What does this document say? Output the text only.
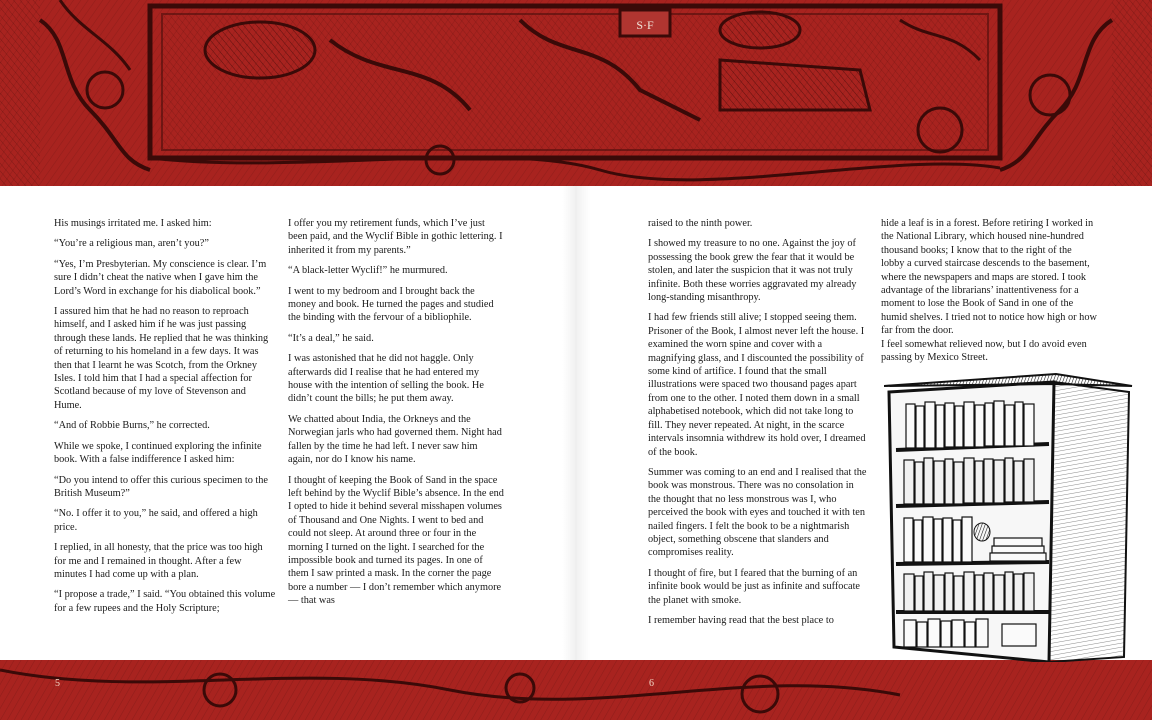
S·F

His musings irritated me. I asked him:

“You’re a religious man, aren’t you?”

“Yes, I’m Presbyterian. My conscience is clear. I’m sure I didn’t cheat the native when I gave him the Lord’s Word in exchange for his diabolical book.”

I assured him that he had no reason to reproach himself, and I asked him if he was just passing through these lands. He replied that he was thinking of returning to his homeland in a few days. It was then that I learnt he was Scotch, from the Orkney Isles. I told him that I had a special affection for Scotland because of my love of Stevenson and Hume.

“And of Robbie Burns,” he corrected.

While we spoke, I continued exploring the infinite book. With a false indifference I asked him:

“Do you intend to offer this curious specimen to the British Museum?”

“No. I offer it to you,” he said, and offered a high price.

I replied, in all honesty, that the price was too high for me and I remained in thought. After a few minutes I had come up with a plan.

“I propose a trade,” I said. “You obtained this volume for a few rupees and the Holy Scripture;

I offer you my retirement funds, which I’ve just been paid, and the Wyclif Bible in gothic lettering. I inherited it from my parents.”

“A black-letter Wyclif!” he murmured.

I went to my bedroom and I brought back the money and book. He turned the pages and studied the binding with the fervour of a bibliophile.

“It’s a deal,” he said.

I was astonished that he did not haggle. Only afterwards did I realise that he had entered my house with the intention of selling the book. He didn’t count the bills; he put them away.

We chatted about India, the Orkneys and the Norwegian jarls who had governed them. Night had fallen by the time he had left. I never saw him again, nor do I know his name.

I thought of keeping the Book of Sand in the space left behind by the Wyclif Bible’s absence. In the end I opted to hide it behind several misshapen volumes of Thousand and One Nights. I went to bed and could not sleep. At around three or four in the morning I turned on the light. I searched for the impossible book and turned its pages. In one of them I saw printed a mask. In the corner the page bore a number — I don’t remember which anymore — that was

raised to the ninth power.

I showed my treasure to no one. Against the joy of possessing the book grew the fear that it would be stolen, and later the suspicion that it was not truly infinite. Both these worries aggravated my already long-standing misanthropy.

I had few friends still alive; I stopped seeing them. Prisoner of the Book, I almost never left the house. I examined the worn spine and cover with a magnifying glass, and I discounted the possibility of some kind of artifice. I found that the small illustrations were spaced two thousand pages apart from one to the other. I noted them down in a small alphabetised notebook, which did not take long to fill. They never repeated. At night, in the scarce intervals insomnia withdrew its hold over, I dreamed of the book.

Summer was coming to an end and I realised that the book was monstrous. There was no consolation in the thought that no less monstrous was I, who perceived the book with eyes and touched it with ten nailed fingers. I felt the book to be a nightmarish object, something obscene that slanders and compromises reality.

I thought of fire, but I feared that the burning of an infinite book would be just as infinite and suffocate the planet with smoke.

I remember having read that the best place to

hide a leaf is in a forest. Before retiring I worked in the National Library, which housed nine-hundred thousand books; I know that to the right of the lobby a curved staircase descends to the basement, where the newspapers and maps are stored. I took advantage of the librarians’ inattentiveness for a moment to lose the Book of Sand in one of the humid shelves. I tried not to notice how high or how far from the door.

I feel somewhat relieved now, but I do avoid even passing by Mexico Street.

5	6
